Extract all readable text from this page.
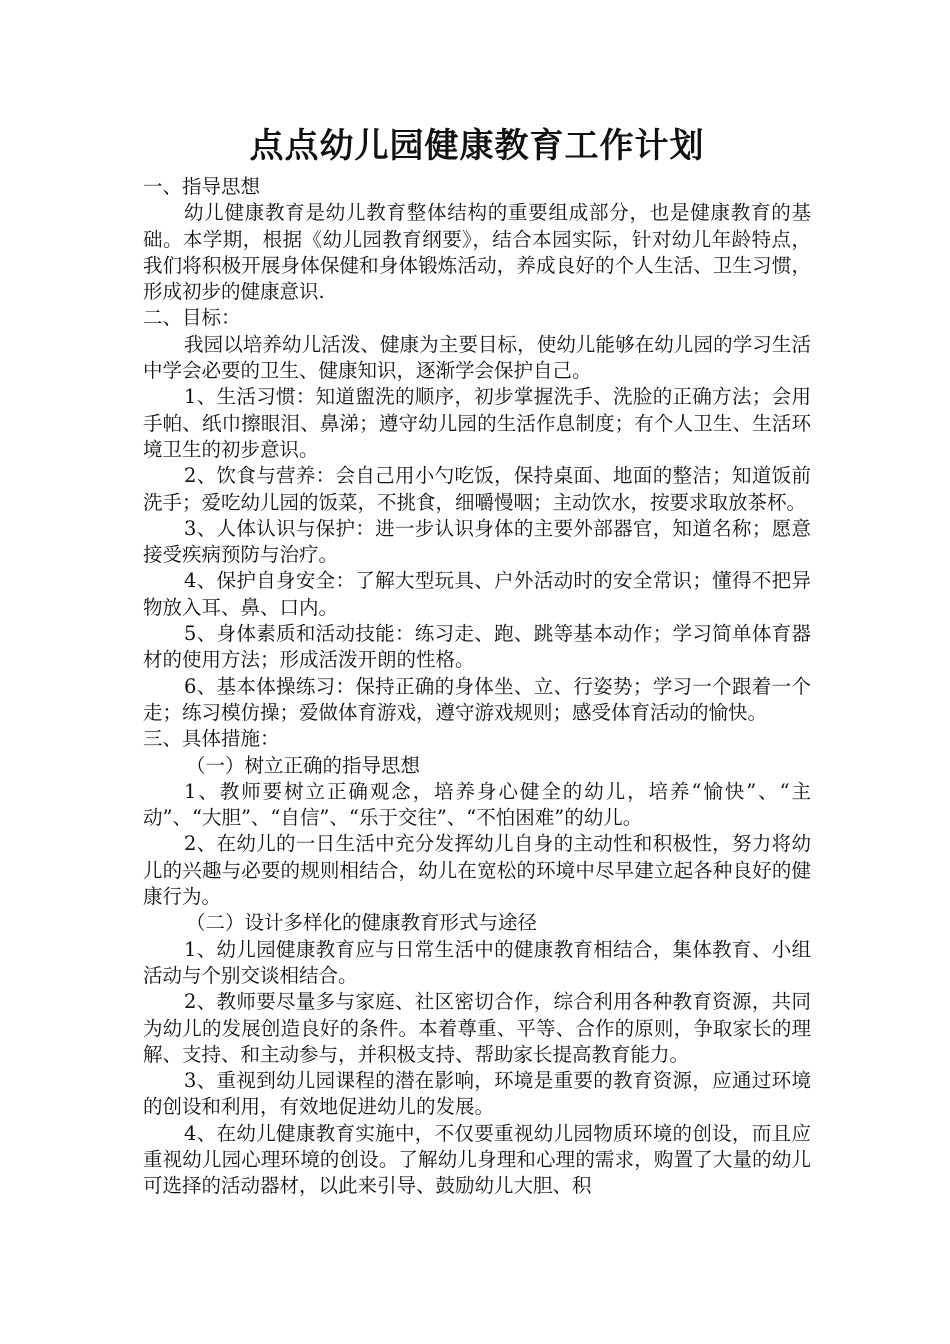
点点幼儿园健康教育工作计划

一、指导思想

幼儿健康教育是幼儿教育整体结构的重要组成部分，也是健康教育的基础。本学期，根据《幼儿园教育纲要》，结合本园实际，针对幼儿年龄特点，我们将积极开展身体保健和身体锻炼活动，养成良好的个人生活、卫生习惯，形成初步的健康意识.

二、目标：

我园以培养幼儿活泼、健康为主要目标，使幼儿能够在幼儿园的学习生活中学会必要的卫生、健康知识，逐渐学会保护自己。

1、生活习惯：知道盥洗的顺序，初步掌握洗手、洗脸的正确方法；会用手帕、纸巾擦眼泪、鼻涕；遵守幼儿园的生活作息制度；有个人卫生、生活环境卫生的初步意识。

2、饮食与营养：会自己用小勺吃饭，保持桌面、地面的整洁；知道饭前洗手；爱吃幼儿园的饭菜，不挑食，细嚼慢咽；主动饮水，按要求取放茶杯。

3、人体认识与保护：进一步认识身体的主要外部器官，知道名称；愿意接受疾病预防与治疗。

4、保护自身安全：了解大型玩具、户外活动时的安全常识；懂得不把异物放入耳、鼻、口内。

5、身体素质和活动技能：练习走、跑、跳等基本动作；学习简单体育器材的使用方法；形成活泼开朗的性格。

6、基本体操练习：保持正确的身体坐、立、行姿势；学习一个跟着一个走；练习模仿操；爱做体育游戏，遵守游戏规则；感受体育活动的愉快。

三、具体措施：

（一）树立正确的指导思想

1、教师要树立正确观念，培养身心健全的幼儿，培养“愉快”、“主动”、“大胆”、“自信”、“乐于交往”、“不怕困难”的幼儿。

2、在幼儿的一日生活中充分发挥幼儿自身的主动性和积极性，努力将幼儿的兴趣与必要的规则相结合，幼儿在宽松的环境中尽早建立起各种良好的健康行为。

（二）设计多样化的健康教育形式与途径

1、幼儿园健康教育应与日常生活中的健康教育相结合，集体教育、小组活动与个别交谈相结合。

2、教师要尽量多与家庭、社区密切合作，综合利用各种教育资源，共同为幼儿的发展创造良好的条件。本着尊重、平等、合作的原则，争取家长的理解、支持、和主动参与，并积极支持、帮助家长提高教育能力。

3、重视到幼儿园课程的潜在影响，环境是重要的教育资源，应通过环境的创设和利用，有效地促进幼儿的发展。

4、在幼儿健康教育实施中，不仅要重视幼儿园物质环境的创设，而且应重视幼儿园心理环境的创设。了解幼儿身理和心理的需求，购置了大量的幼儿可选择的活动器材，以此来引导、鼓励幼儿大胆、积
